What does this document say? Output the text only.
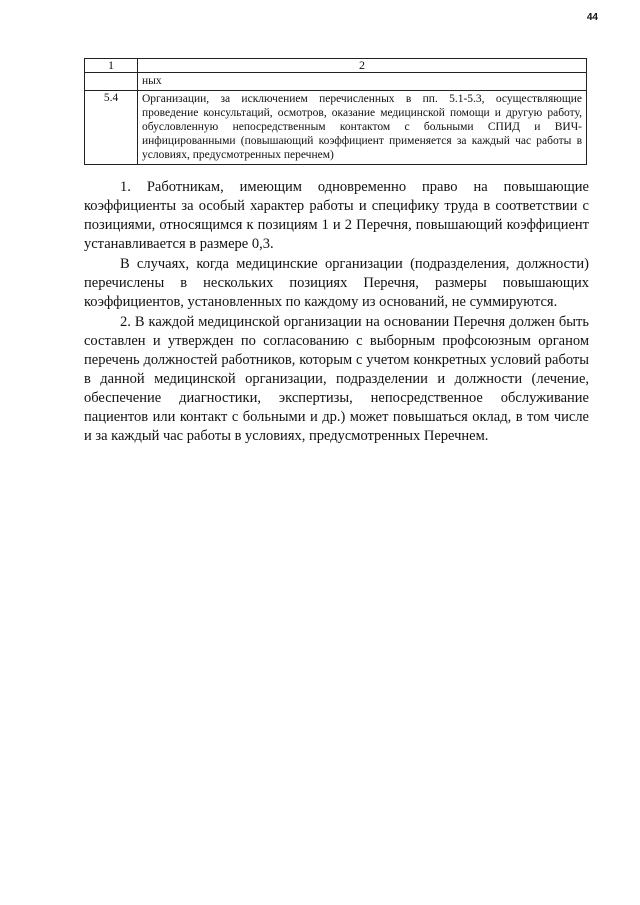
44
1	2
	ных
5.4	Организации, за исключением перечисленных в пп. 5.1-5.3, осуществляющие проведение консультаций, осмотров, оказание медицинской помощи и другую работу, обусловленную непосредственным контактом с больными СПИД и ВИЧ-инфицированными (повышающий коэффициент применяется за каждый час работы в условиях, предусмотренных перечнем)

1. Работникам, имеющим одновременно право на повышающие коэффициенты за особый характер работы и специфику труда в соответствии с позициями, относящимся к позициям 1 и 2 Перечня, повышающий коэффициент устанавливается в размере 0,3.

В случаях, когда медицинские организации (подразделения, должности) перечислены в нескольких позициях Перечня, размеры повышающих коэффициентов, установленных по каждому из оснований, не суммируются.

2. В каждой медицинской организации на основании Перечня должен быть составлен и утвержден по согласованию с выборным профсоюзным органом перечень должностей работников, которым с учетом конкретных условий работы в данной медицинской организации, подразделении и должности (лечение, обеспечение диагностики, экспертизы, непосредственное обслуживание пациентов или контакт с больными и др.) может повышаться оклад, в том числе и за каждый час работы в условиях, предусмотренных Перечнем.
